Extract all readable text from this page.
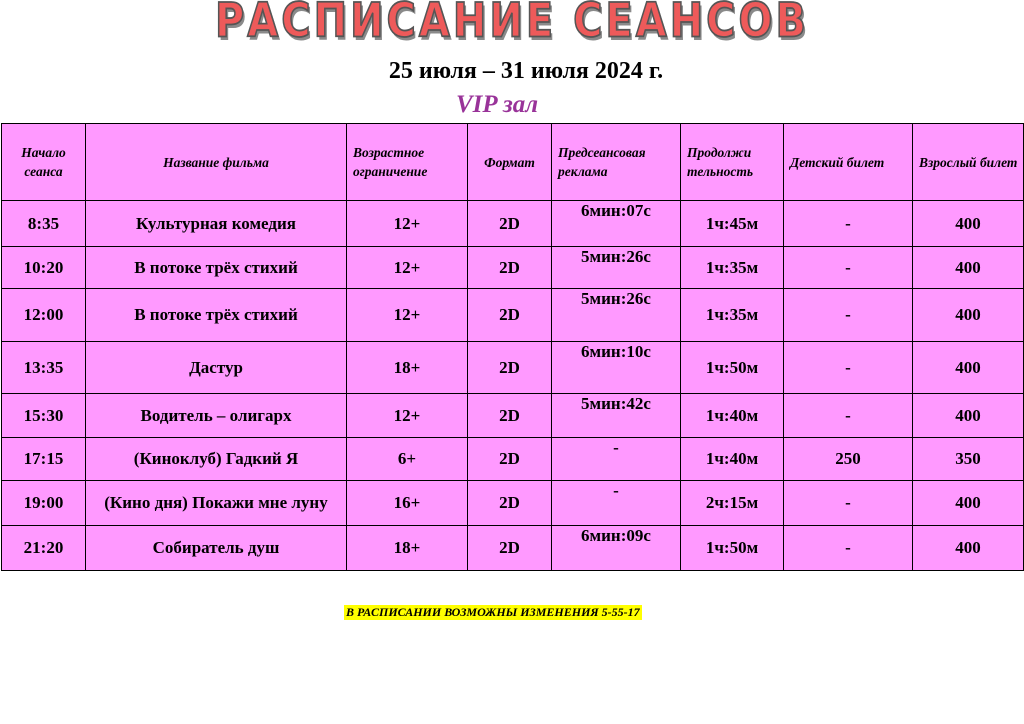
РАСПИСАНИЕ СЕАНСОВ
25 июля – 31 июля 2024 г.
VIP зал
Начало сеанса	Название фильма	Возрастное ограничение	Формат	Предсеансовая реклама	Продолжи тельность	Детский билет	Взрослый билет
8:35	Культурная комедия	12+	2D	6мин:07с	1ч:45м	-	400
10:20	В потоке трёх стихий	12+	2D	5мин:26с	1ч:35м	-	400
12:00	В потоке трёх стихий	12+	2D	5мин:26с	1ч:35м	-	400
13:35	Дастур	18+	2D	6мин:10с	1ч:50м	-	400
15:30	Водитель – олигарх	12+	2D	5мин:42с	1ч:40м	-	400
17:15	(Киноклуб) Гадкий Я	6+	2D	-	1ч:40м	250	350
19:00	(Кино дня) Покажи мне луну	16+	2D	-	2ч:15м	-	400
21:20	Собиратель душ	18+	2D	6мин:09с	1ч:50м	-	400
В РАСПИСАНИИ ВОЗМОЖНЫ ИЗМЕНЕНИЯ 5-55-17
